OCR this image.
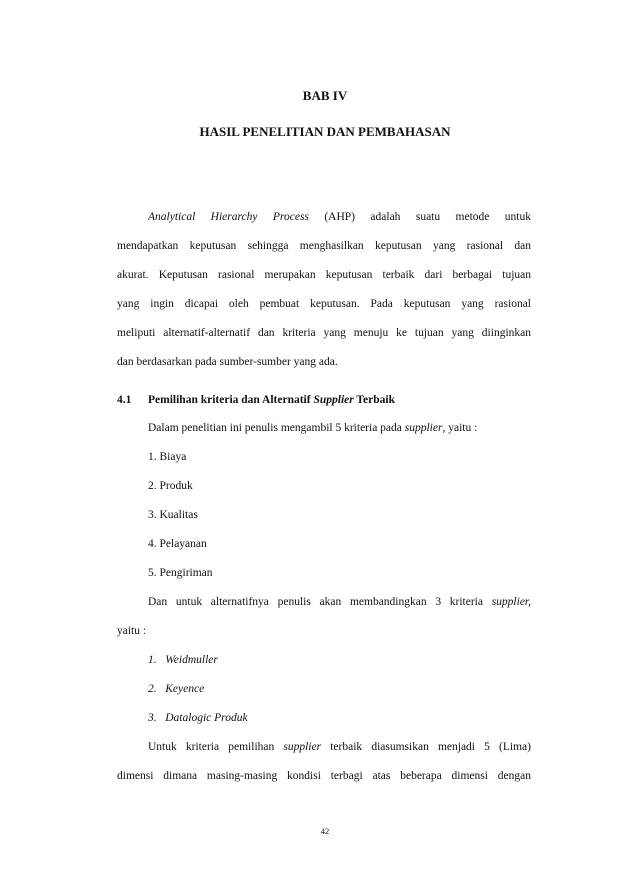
BAB IV
HASIL PENELITIAN DAN PEMBAHASAN
Analytical Hierarchy Process (AHP) adalah suatu metode untuk
mendapatkan keputusan sehingga menghasilkan keputusan yang rasional dan
akurat. Keputusan rasional merupakan keputusan terbaik dari berbagai tujuan
yang ingin dicapai oleh pembuat keputusan. Pada keputusan yang rasional
meliputi alternatif-alternatif dan kriteria yang menuju ke tujuan yang diinginkan
dan berdasarkan pada sumber-sumber yang ada.
4.1 Pemilihan kriteria dan Alternatif Supplier Terbaik
Dalam penelitian ini penulis mengambil 5 kriteria pada supplier, yaitu :
1. Biaya
2. Produk
3. Kualitas
4. Pelayanan
5. Pengiriman
Dan untuk alternatifnya penulis akan membandingkan 3 kriteria supplier,
yaitu :
1. Weidmuller
2. Keyence
3. Datalogic Produk
Untuk kriteria pemilihan supplier terbaik diasumsikan menjadi 5 (Lima)
dimensi dimana masing-masing kondisi terbagi atas beberapa dimensi dengan
42
